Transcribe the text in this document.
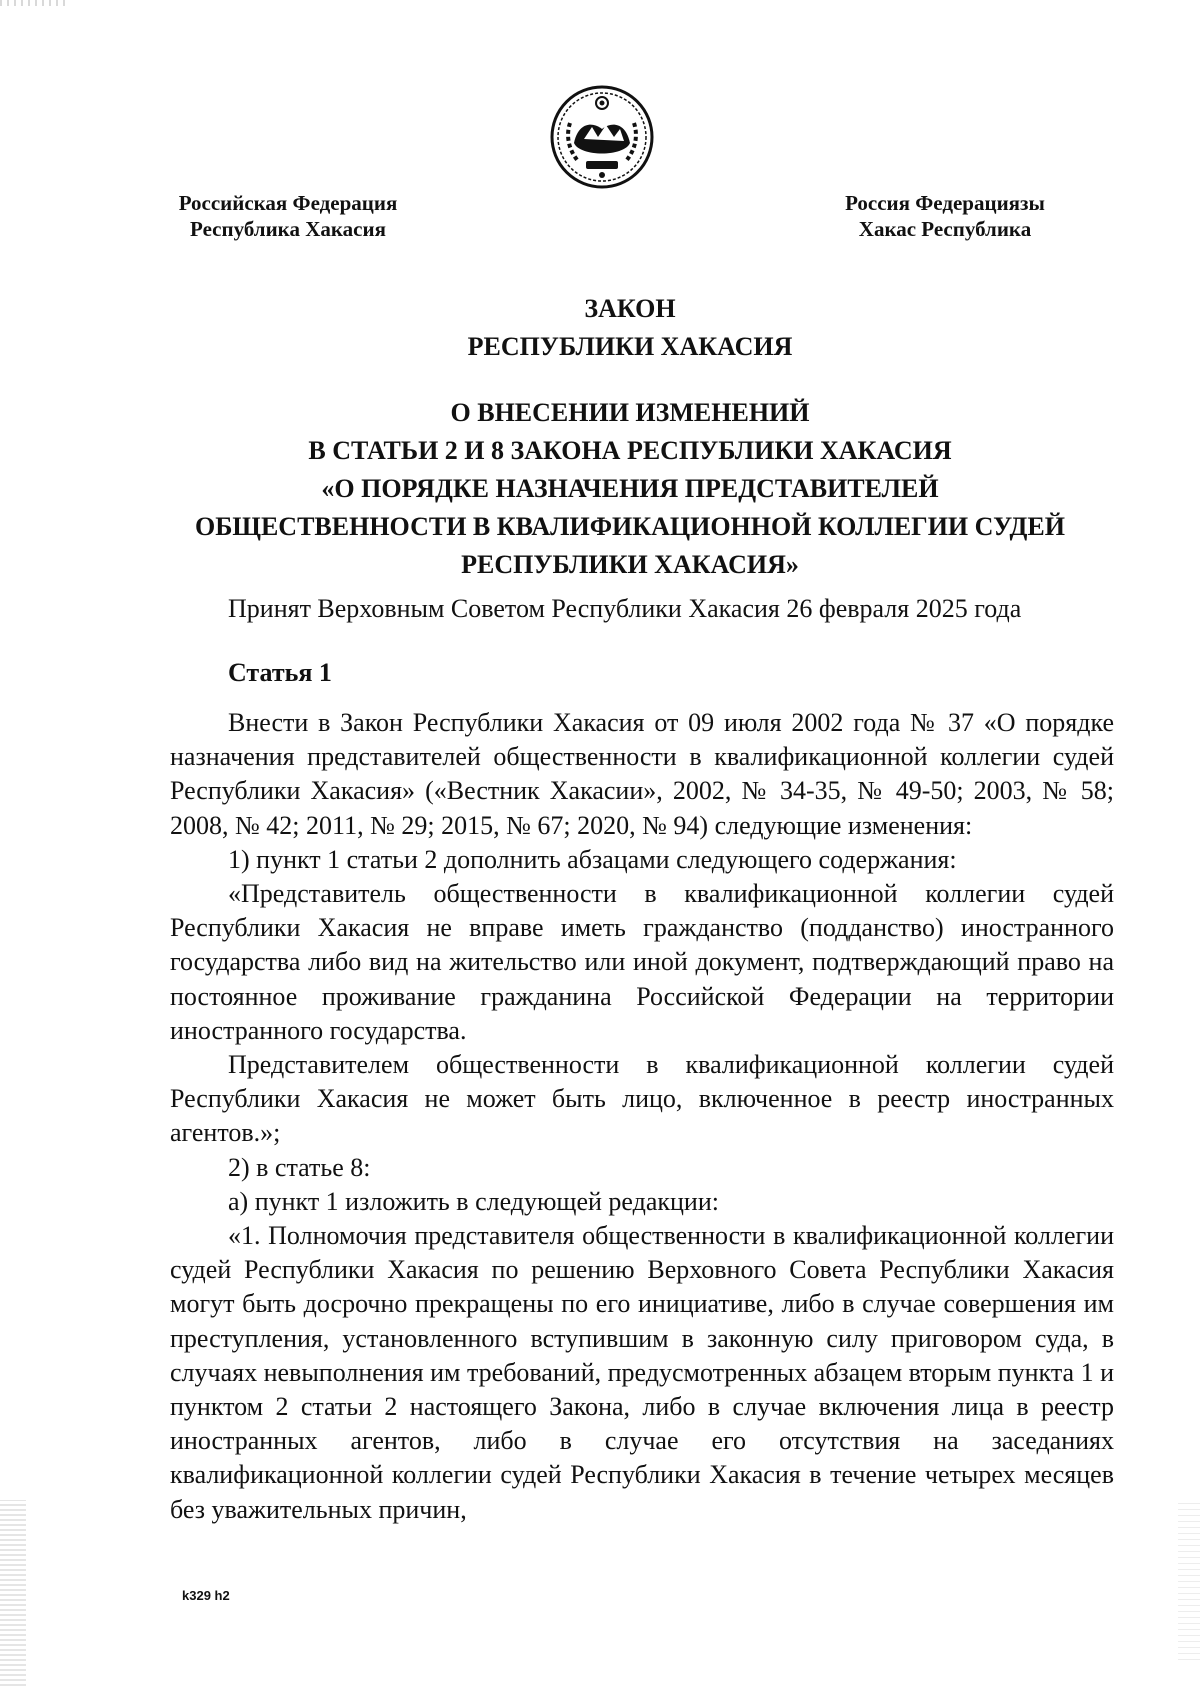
Российская Федерация
Республика Хакасия
Россия Федерациязы
Хакас Республика
ЗАКОН
РЕСПУБЛИКИ ХАКАСИЯ
О ВНЕСЕНИИ ИЗМЕНЕНИЙ
В СТАТЬИ 2 И 8 ЗАКОНА РЕСПУБЛИКИ ХАКАСИЯ
«О ПОРЯДКЕ НАЗНАЧЕНИЯ ПРЕДСТАВИТЕЛЕЙ
ОБЩЕСТВЕННОСТИ В КВАЛИФИКАЦИОННОЙ КОЛЛЕГИИ СУДЕЙ
РЕСПУБЛИКИ ХАКАСИЯ»
Принят Верховным Советом Республики Хакасия 26 февраля 2025 года
Статья 1

Внести в Закон Республики Хакасия от 09 июля 2002 года № 37 «О порядке назначения представителей общественности в квалификационной коллегии судей Республики Хакасия» («Вестник Хакасии», 2002, № 34-35, № 49-50; 2003, № 58; 2008, № 42; 2011, № 29; 2015, № 67; 2020, № 94) следующие изменения:

1) пункт 1 статьи 2 дополнить абзацами следующего содержания:

«Представитель общественности в квалификационной коллегии судей Республики Хакасия не вправе иметь гражданство (подданство) иностранного государства либо вид на жительство или иной документ, подтверждающий право на постоянное проживание гражданина Российской Федерации на территории иностранного государства.

Представителем общественности в квалификационной коллегии судей Республики Хакасия не может быть лицо, включенное в реестр иностранных агентов.»;

2) в статье 8:

а) пункт 1 изложить в следующей редакции:

«1. Полномочия представителя общественности в квалификационной коллегии судей Республики Хакасия по решению Верховного Совета Республики Хакасия могут быть досрочно прекращены по его инициативе, либо в случае совершения им преступления, установленного вступившим в законную силу приговором суда, в случаях невыполнения им требований, предусмотренных абзацем вторым пункта 1 и пунктом 2 статьи 2 настоящего Закона, либо в случае включения лица в реестр иностранных агентов, либо в случае его отсутствия на заседаниях квалификационной коллегии судей Республики Хакасия в течение четырех месяцев без уважительных причин,

k329 h2
